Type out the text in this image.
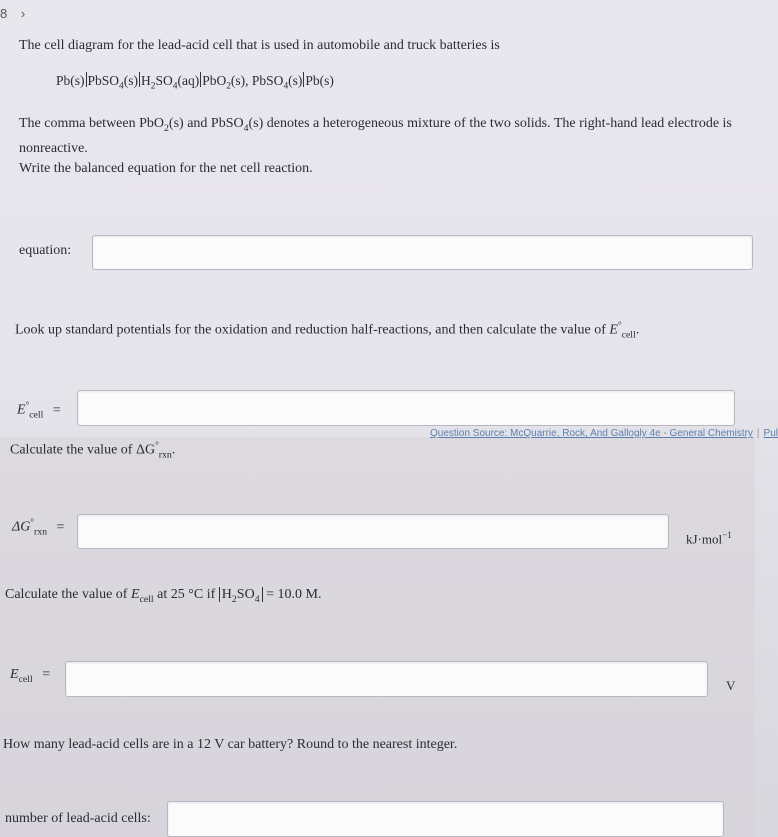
8 ›
The cell diagram for the lead-acid cell that is used in automobile and truck batteries is
Pb(s) PbSO$_4$(s) $H_2SO_4(aq)$ PbO$_2$(s), PbSO$_4$(s) Pb(s)
The comma between PbO$_2$(s) and PbSO$_4$(s) denotes a heterogeneous mixture of the two solids. The right-hand lead electrode is nonreactive.
Write the balanced equation for the net cell reaction.
equation:
Look up standard potentials for the oxidation and reduction half-reactions, and then calculate the value of $E^\circ_{cell}$.
$E^\circ_{cell}$ =
Question Source: McQuarrie, Rock, And Gallogly 4e - General Chemistry | Pul
Calculate the value of $\Delta G^\circ_{rxn}$.
$\Delta G^\circ_{rxn}$ =
kJ·mol$^{-1}$
Calculate the value of $E_{cell}$ at 25 °C if $H_2SO_4 = 10.0$ M.
$E_{cell}$ =
V
How many lead-acid cells are in a 12 V car battery? Round to the nearest integer.
number of lead-acid cells:
